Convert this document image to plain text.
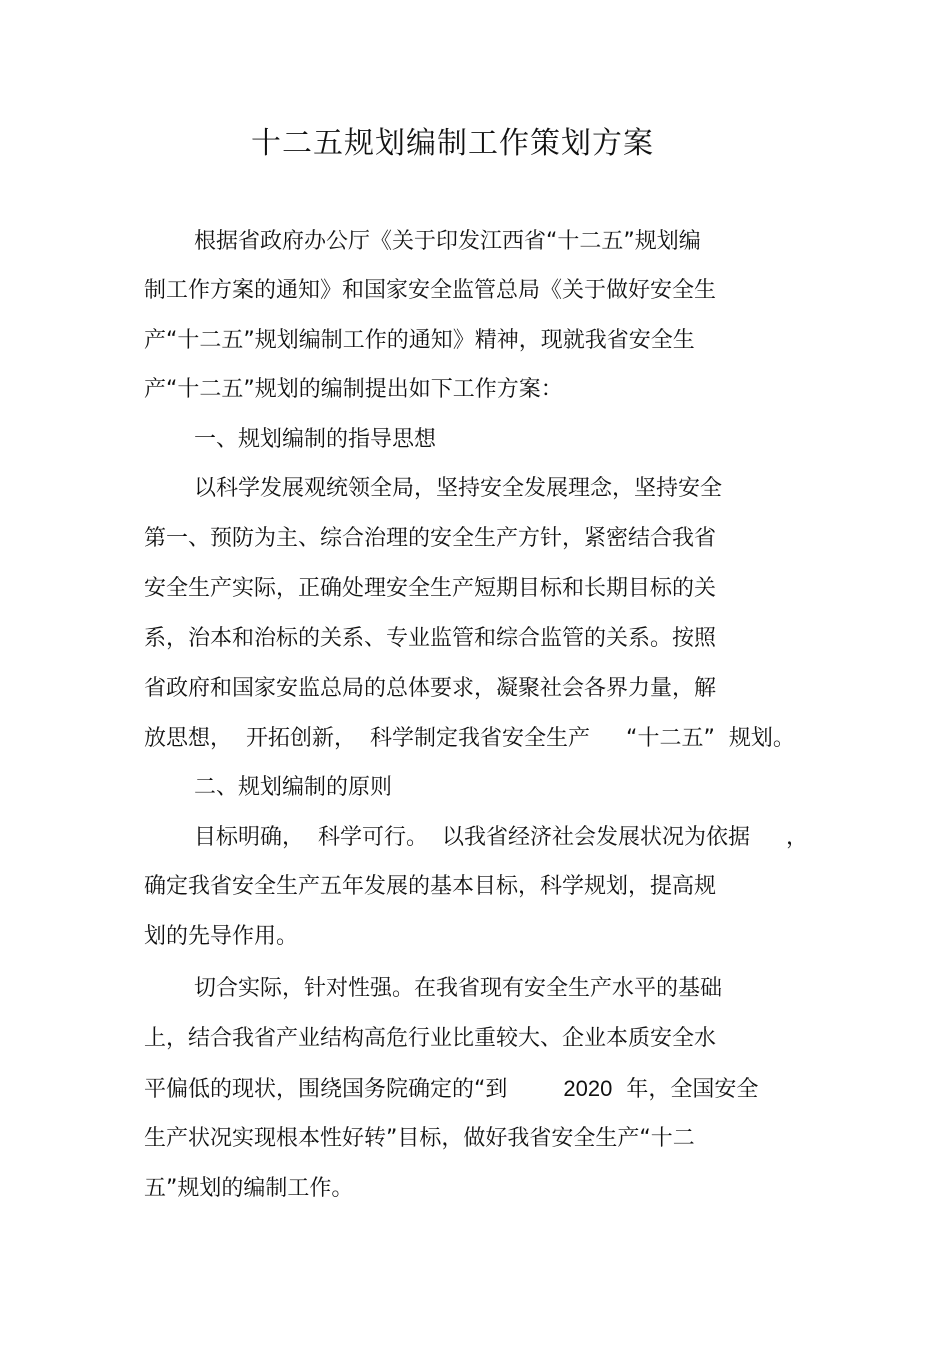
十二五规划编制工作策划方案
根据省政府办公厅《关于印发江西省“十二五”规划编
制工作方案的通知》和国家安全监管总局《关于做好安全生
产“十二五”规划编制工作的通知》精神，现就我省安全生
产“十二五”规划的编制提出如下工作方案：
一、规划编制的指导思想
以科学发展观统领全局，坚持安全发展理念，坚持安全
第一、预防为主、综合治理的安全生产方针，紧密结合我省
安全生产实际，正确处理安全生产短期目标和长期目标的关
系，治本和治标的关系、专业监管和综合监管的关系。按照
省政府和国家安监总局的总体要求，凝聚社会各界力量，解
放思想， 开拓创新， 科学制定我省安全生产 “十二五” 规划。
二、规划编制的原则
目标明确， 科学可行。 以我省经济社会发展状况为依据 ，
确定我省安全生产五年发展的基本目标，科学规划，提高规
划的先导作用。
切合实际，针对性强。在我省现有安全生产水平的基础
上，结合我省产业结构高危行业比重较大、企业本质安全水
平偏低的现状，围绕国务院确定的“到	2020 年，全国安全
生产状况实现根本性好转”目标，做好我省安全生产“十二
五”规划的编制工作。
